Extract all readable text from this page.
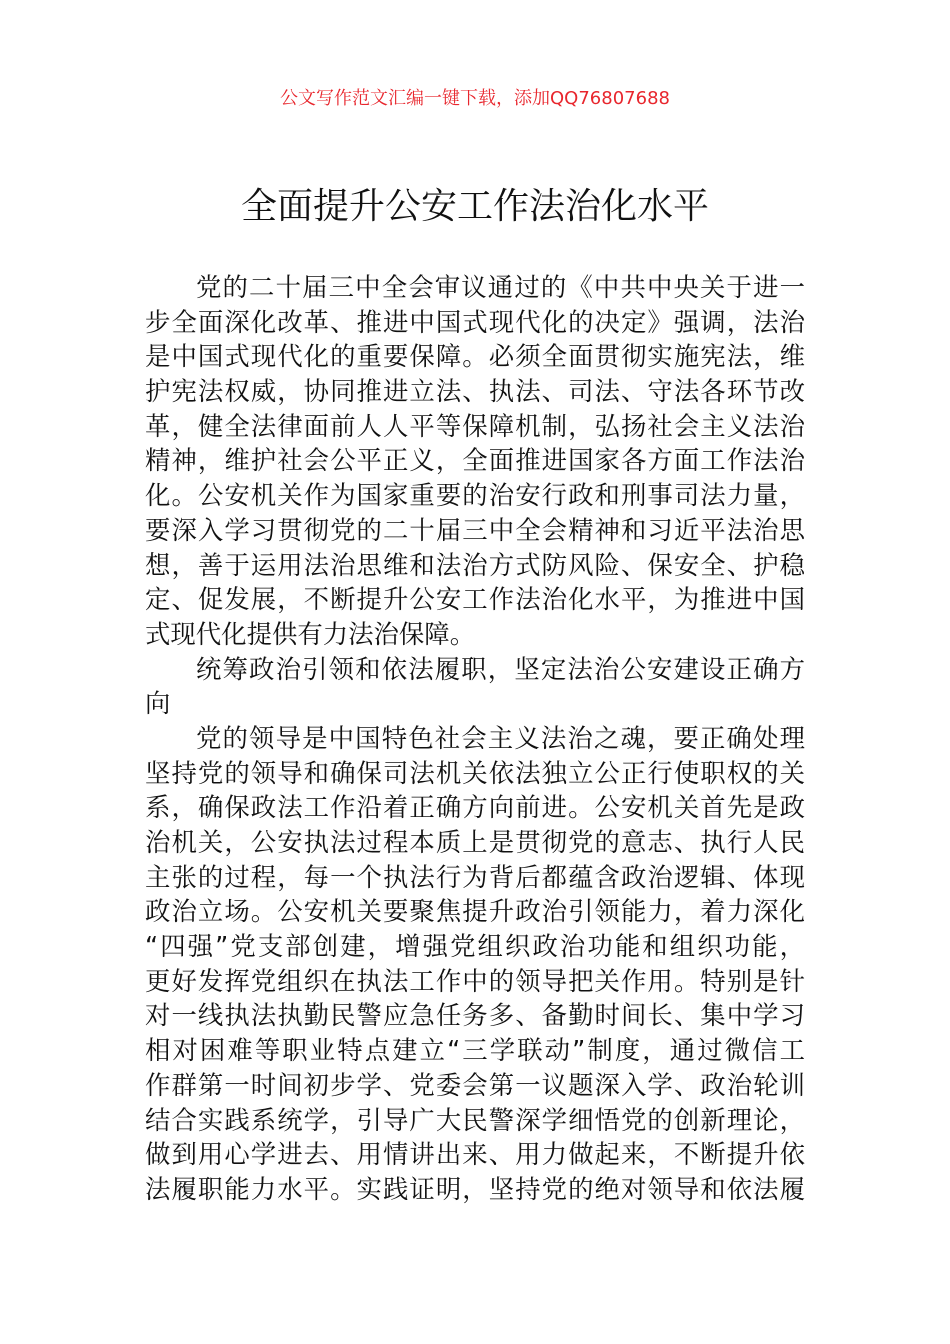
公文写作范文汇编一键下载，添加QQ76807688
全面提升公安工作法治化水平
党的二十届三中全会审议通过的《中共中央关于进一
步全面深化改革、推进中国式现代化的决定》强调，法治
是中国式现代化的重要保障。必须全面贯彻实施宪法，维
护宪法权威，协同推进立法、执法、司法、守法各环节改
革，健全法律面前人人平等保障机制，弘扬社会主义法治
精神，维护社会公平正义，全面推进国家各方面工作法治
化。公安机关作为国家重要的治安行政和刑事司法力量，
要深入学习贯彻党的二十届三中全会精神和习近平法治思
想，善于运用法治思维和法治方式防风险、保安全、护稳
定、促发展，不断提升公安工作法治化水平，为推进中国
式现代化提供有力法治保障。
统筹政治引领和依法履职，坚定法治公安建设正确方
向
党的领导是中国特色社会主义法治之魂，要正确处理
坚持党的领导和确保司法机关依法独立公正行使职权的关
系，确保政法工作沿着正确方向前进。公安机关首先是政
治机关，公安执法过程本质上是贯彻党的意志、执行人民
主张的过程，每一个执法行为背后都蕴含政治逻辑、体现
政治立场。公安机关要聚焦提升政治引领能力，着力深化
“四强”党支部创建，增强党组织政治功能和组织功能，
更好发挥党组织在执法工作中的领导把关作用。特别是针
对一线执法执勤民警应急任务多、备勤时间长、集中学习
相对困难等职业特点建立“三学联动”制度，通过微信工
作群第一时间初步学、党委会第一议题深入学、政治轮训
结合实践系统学，引导广大民警深学细悟党的创新理论，
做到用心学进去、用情讲出来、用力做起来，不断提升依
法履职能力水平。实践证明，坚持党的绝对领导和依法履
